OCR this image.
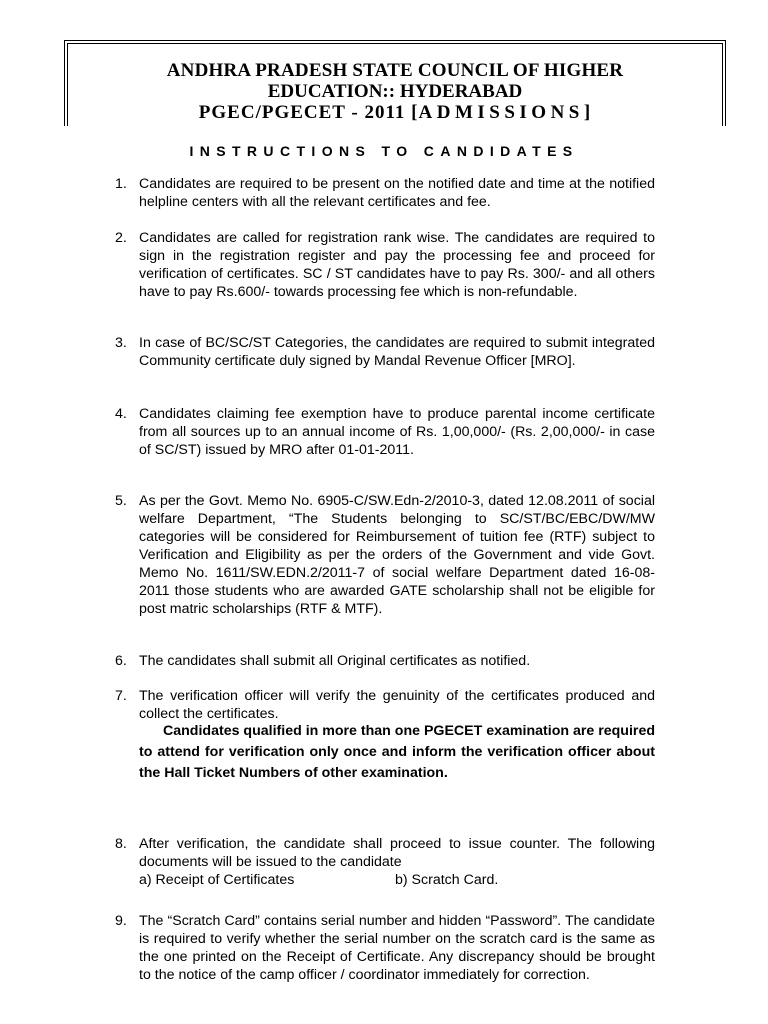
ANDHRA PRADESH STATE COUNCIL OF HIGHER

EDUCATION:: HYDERABAD

PGEC/PGECET - 2011 [ADMISSIONS]

INSTRUCTIONS TO CANDIDATES
1. Candidates are required to be present on the notified date and time at the notified helpline centers with all the relevant certificates and fee.

2. Candidates are called for registration rank wise. The candidates are required to sign in the registration register and pay the processing fee and proceed for verification of certificates. SC / ST candidates have to pay Rs. 300/- and all others have to pay Rs.600/- towards processing fee which is non-refundable.

3. In case of BC/SC/ST Categories, the candidates are required to submit integrated Community certificate duly signed by Mandal Revenue Officer [MRO].

4. Candidates claiming fee exemption have to produce parental income certificate from all sources up to an annual income of Rs. 1,00,000/- (Rs. 2,00,000/- in case of SC/ST) issued by MRO after 01-01-2011.

5. As per the Govt. Memo No. 6905-C/SW.Edn-2/2010-3, dated 12.08.2011 of social welfare Department, “The Students belonging to SC/ST/BC/EBC/DW/MW categories will be considered for Reimbursement of tuition fee (RTF) subject to Verification and Eligibility as per the orders of the Government and vide Govt. Memo No. 1611/SW.EDN.2/2011-7 of social welfare Department dated 16-08-2011 those students who are awarded GATE scholarship shall not be eligible for post matric scholarships (RTF & MTF).

6. The candidates shall submit all Original certificates as notified.

7. The verification officer will verify the genuinity of the certificates produced and collect the certificates.

Candidates qualified in more than one PGECET examination are required to attend for verification only once and inform the verification officer about the Hall Ticket Numbers of other examination.

8. After verification, the candidate shall proceed to issue counter. The following documents will be issued to the candidate

a) Receipt of Certificates	b) Scratch Card.
9. The “Scratch Card” contains serial number and hidden “Password”. The candidate is required to verify whether the serial number on the scratch card is the same as the one printed on the Receipt of Certificate. Any discrepancy should be brought to the notice of the camp officer / coordinator immediately for correction.
